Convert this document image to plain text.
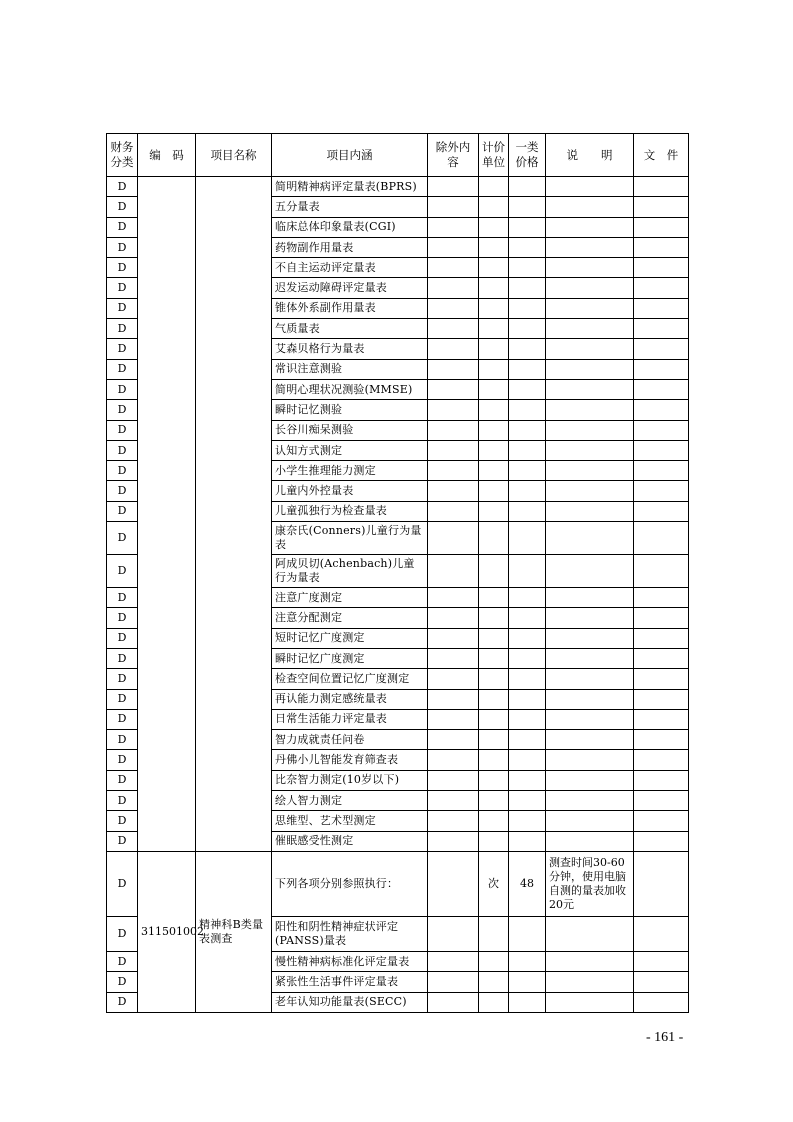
财务分类	编　码	项目名称	项目内涵	除外内容	计价单位	一类价格	说　　明	文　件
D			简明精神病评定量表(BPRS)					
D			五分量表					
D			临床总体印象量表(CGI)					
D			药物副作用量表					
D			不自主运动评定量表					
D			迟发运动障碍评定量表					
D			锥体外系副作用量表					
D			气质量表					
D			艾森贝格行为量表					
D			常识注意测验					
D			简明心理状况测验(MMSE)					
D			瞬时记忆测验					
D			长谷川痴呆测验					
D			认知方式测定					
D			小学生推理能力测定					
D			儿童内外控量表					
D			儿童孤独行为检查量表					
D			康奈氏(Conners)儿童行为量表					
D			阿成贝切(Achenbach)儿童行为量表					
D			注意广度测定					
D			注意分配测定					
D			短时记忆广度测定					
D			瞬时记忆广度测定					
D			检查空间位置记忆广度测定					
D			再认能力测定感统量表					
D			日常生活能力评定量表					
D			智力成就责任问卷					
D			丹佛小儿智能发育筛查表					
D			比奈智力测定(10岁以下)					
D			绘人智力测定					
D			思维型、艺术型测定					
D			催眠感受性测定					
D	311501002	精神科B类量表测查	下列各项分别参照执行：		次	48	测查时间30-60分钟，使用电脑自测的量表加收20元	
D			阳性和阴性精神症状评定(PANSS)量表					
D			慢性精神病标准化评定量表					
D			紧张性生活事件评定量表					
D			老年认知功能量表(SECC)					
- 161 -
